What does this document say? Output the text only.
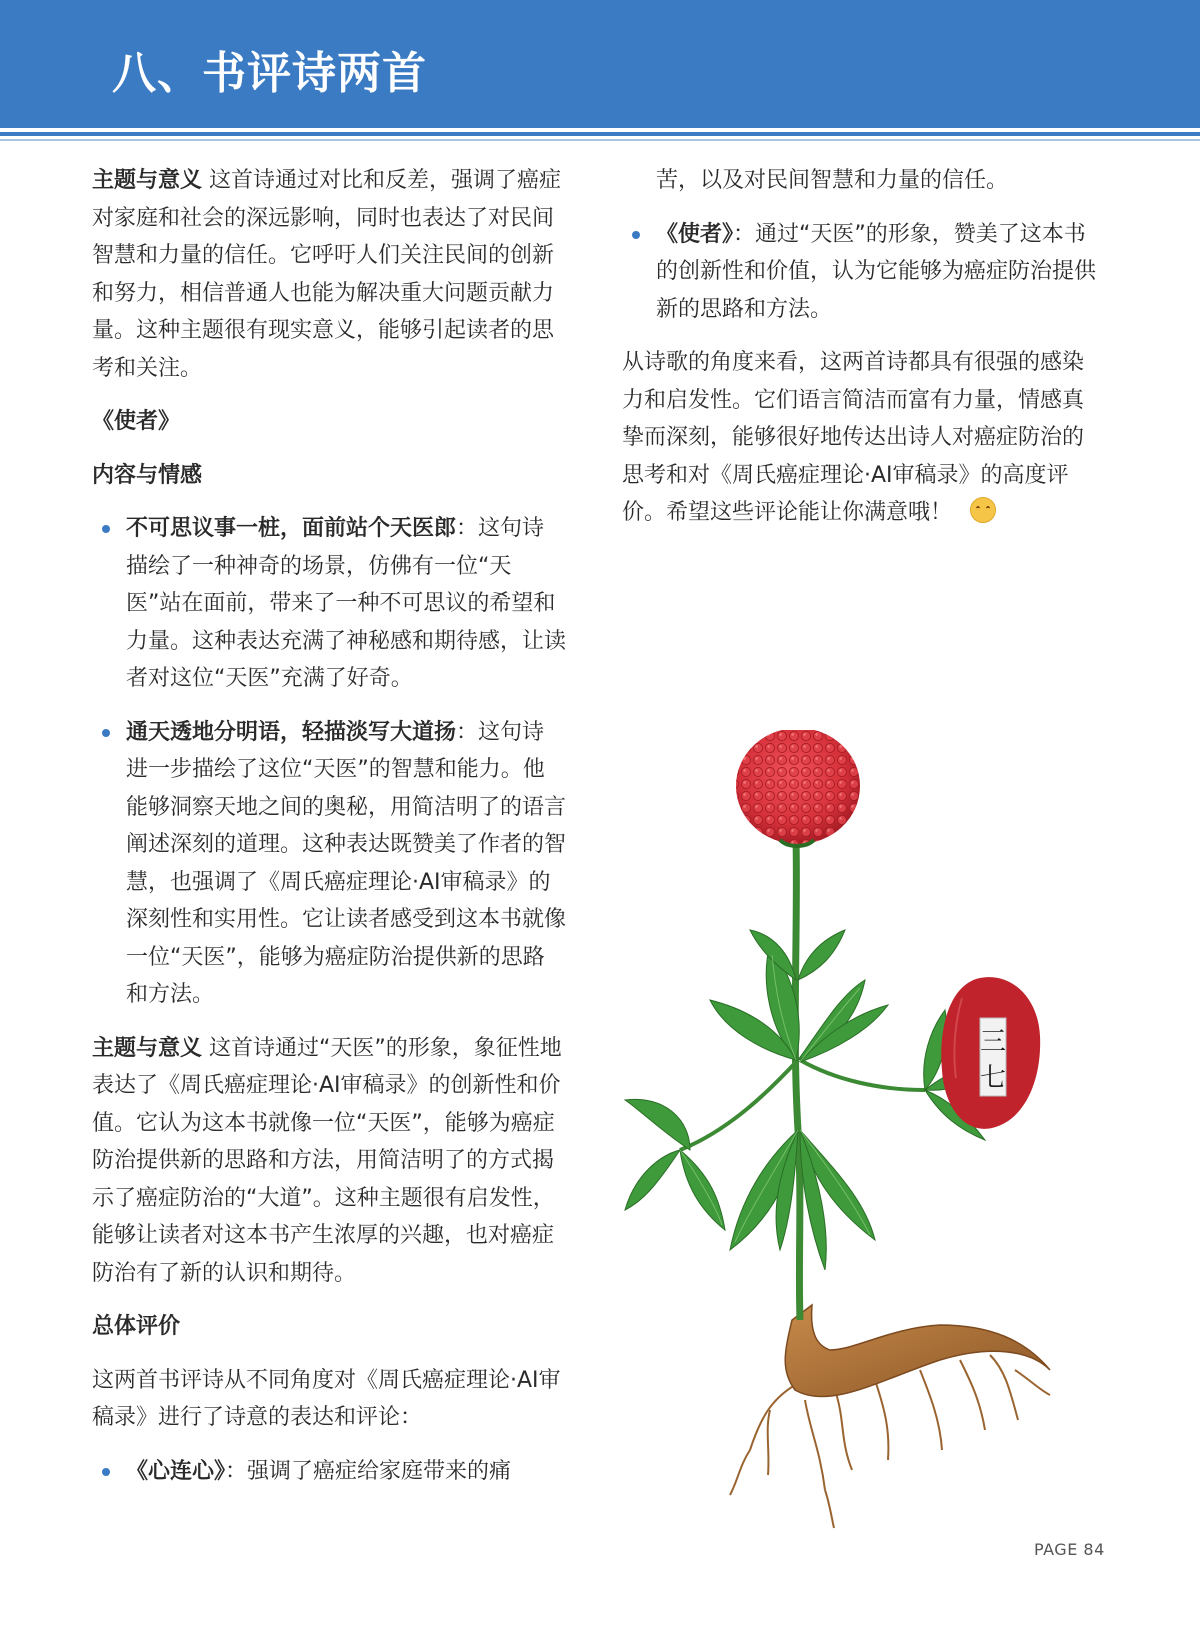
八、书评诗两首

主题与意义 这首诗通过对比和反差，强调了癌症对家庭和社会的深远影响，同时也表达了对民间智慧和力量的信任。它呼吁人们关注民间的创新和努力，相信普通人也能为解决重大问题贡献力量。这种主题很有现实意义，能够引起读者的思考和关注。

《使者》
内容与情感
不可思议事一桩，面前站个天医郎：这句诗描绘了一种神奇的场景，仿佛有一位“天医”站在面前，带来了一种不可思议的希望和力量。这种表达充满了神秘感和期待感，让读者对这位“天医”充满了好奇。
通天透地分明语，轻描淡写大道扬：这句诗进一步描绘了这位“天医”的智慧和能力。他能够洞察天地之间的奥秘，用简洁明了的语言阐述深刻的道理。这种表达既赞美了作者的智慧，也强调了《周氏癌症理论·AI审稿录》的深刻性和实用性。它让读者感受到这本书就像一位“天医”，能够为癌症防治提供新的思路和方法。

主题与意义 这首诗通过“天医”的形象，象征性地表达了《周氏癌症理论·AI审稿录》的创新性和价值。它认为这本书就像一位“天医”，能够为癌症防治提供新的思路和方法，用简洁明了的方式揭示了癌症防治的“大道”。这种主题很有启发性，能够让读者对这本书产生浓厚的兴趣，也对癌症防治有了新的认识和期待。

总体评价

这两首书评诗从不同角度对《周氏癌症理论·AI审稿录》进行了诗意的表达和评论：

《心连心》：强调了癌症给家庭带来的痛
苦，以及对民间智慧和力量的信任。
《使者》：通过“天医”的形象，赞美了这本书的创新性和价值，认为它能够为癌症防治提供新的思路和方法。

从诗歌的角度来看，这两首诗都具有很强的感染力和启发性。它们语言简洁而富有力量，情感真挚而深刻，能够很好地传达出诗人对癌症防治的思考和对《周氏癌症理论·AI审稿录》的高度评价。希望这些评论能让你满意哦！

三
七
PAGE 84
